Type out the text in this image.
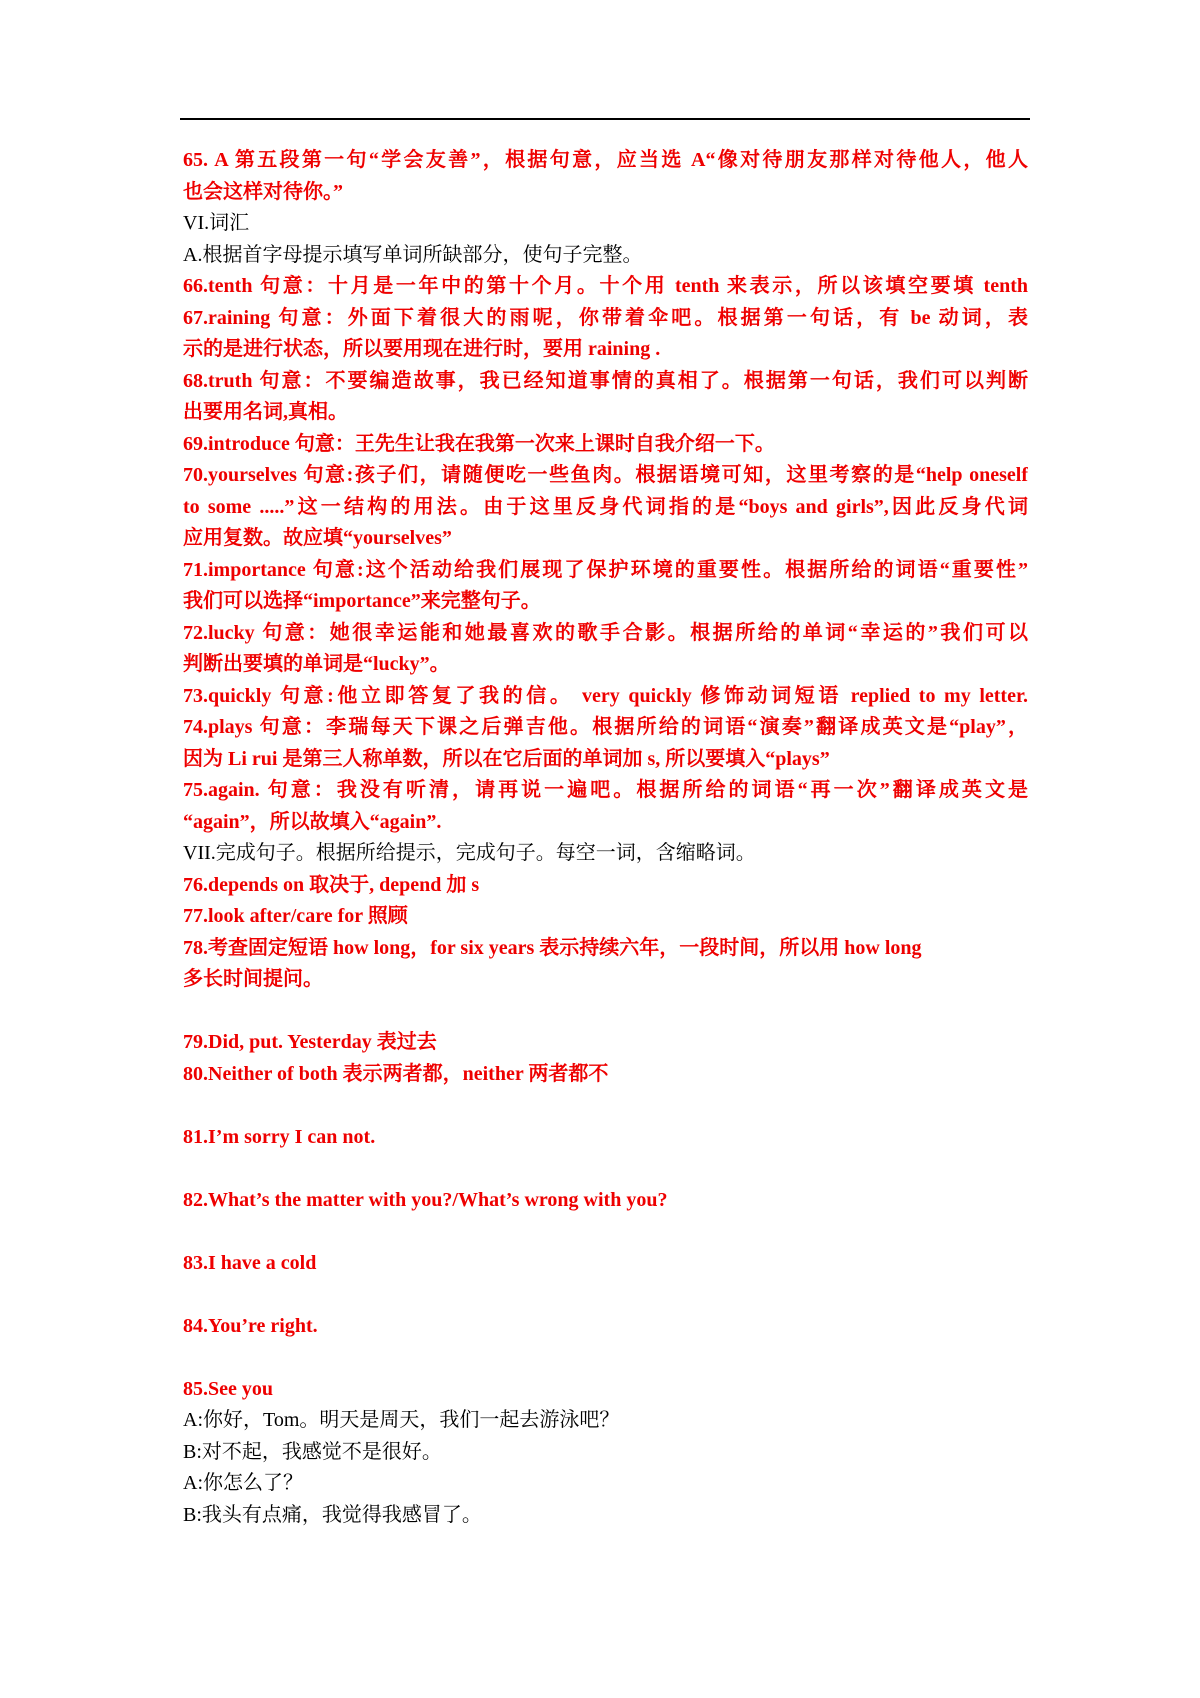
65. A 第五段第一句“学会友善”，根据句意，应当选 A“像对待朋友那样对待他人，他人
也会这样对待你。”
VI.词汇
A.根据首字母提示填写单词所缺部分，使句子完整。
66.tenth 句意：十月是一年中的第十个月。十个用 tenth 来表示，所以该填空要填 tenth
67.raining 句意：外面下着很大的雨呢，你带着伞吧。根据第一句话，有 be 动词，表
示的是进行状态，所以要用现在进行时，要用 raining .
68.truth 句意：不要编造故事，我已经知道事情的真相了。根据第一句话，我们可以判断
出要用名词,真相。
69.introduce 句意：王先生让我在我第一次来上课时自我介绍一下。
70.yourselves 句意:孩子们，请随便吃一些鱼肉。根据语境可知，这里考察的是“help oneself
to some .....”这一结构的用法。由于这里反身代词指的是“boys and girls”,因此反身代词
应用复数。故应填“yourselves”
71.importance 句意:这个活动给我们展现了保护环境的重要性。根据所给的词语“重要性”
我们可以选择“importance”来完整句子。
72.lucky 句意：她很幸运能和她最喜欢的歌手合影。根据所给的单词“幸运的”我们可以
判断出要填的单词是“lucky”。
73.quickly 句意:他立即答复了我的信。 very quickly 修饰动词短语 replied to my letter.
74.plays 句意：李瑞每天下课之后弹吉他。根据所给的词语“演奏”翻译成英文是“play”，
因为 Li rui 是第三人称单数，所以在它后面的单词加 s, 所以要填入“plays”
75.again. 句意：我没有听清，请再说一遍吧。根据所给的词语“再一次”翻译成英文是
“again”，所以故填入“again”.
VII.完成句子。根据所给提示，完成句子。每空一词，含缩略词。
76.depends on 取决于, depend 加 s
77.look after/care for 照顾
78.考查固定短语 how long，for six years 表示持续六年，一段时间，所以用 how long
多长时间提问。
79.Did, put. Yesterday 表过去
80.Neither of both 表示两者都，neither 两者都不
81.I’m sorry I can not.
82.What’s the matter with you?/What’s wrong with you?
83.I have a cold
84.You’re right.
85.See you
A:你好，Tom。明天是周天，我们一起去游泳吧？
B:对不起，我感觉不是很好。
A:你怎么了？
B:我头有点痛，我觉得我感冒了。
